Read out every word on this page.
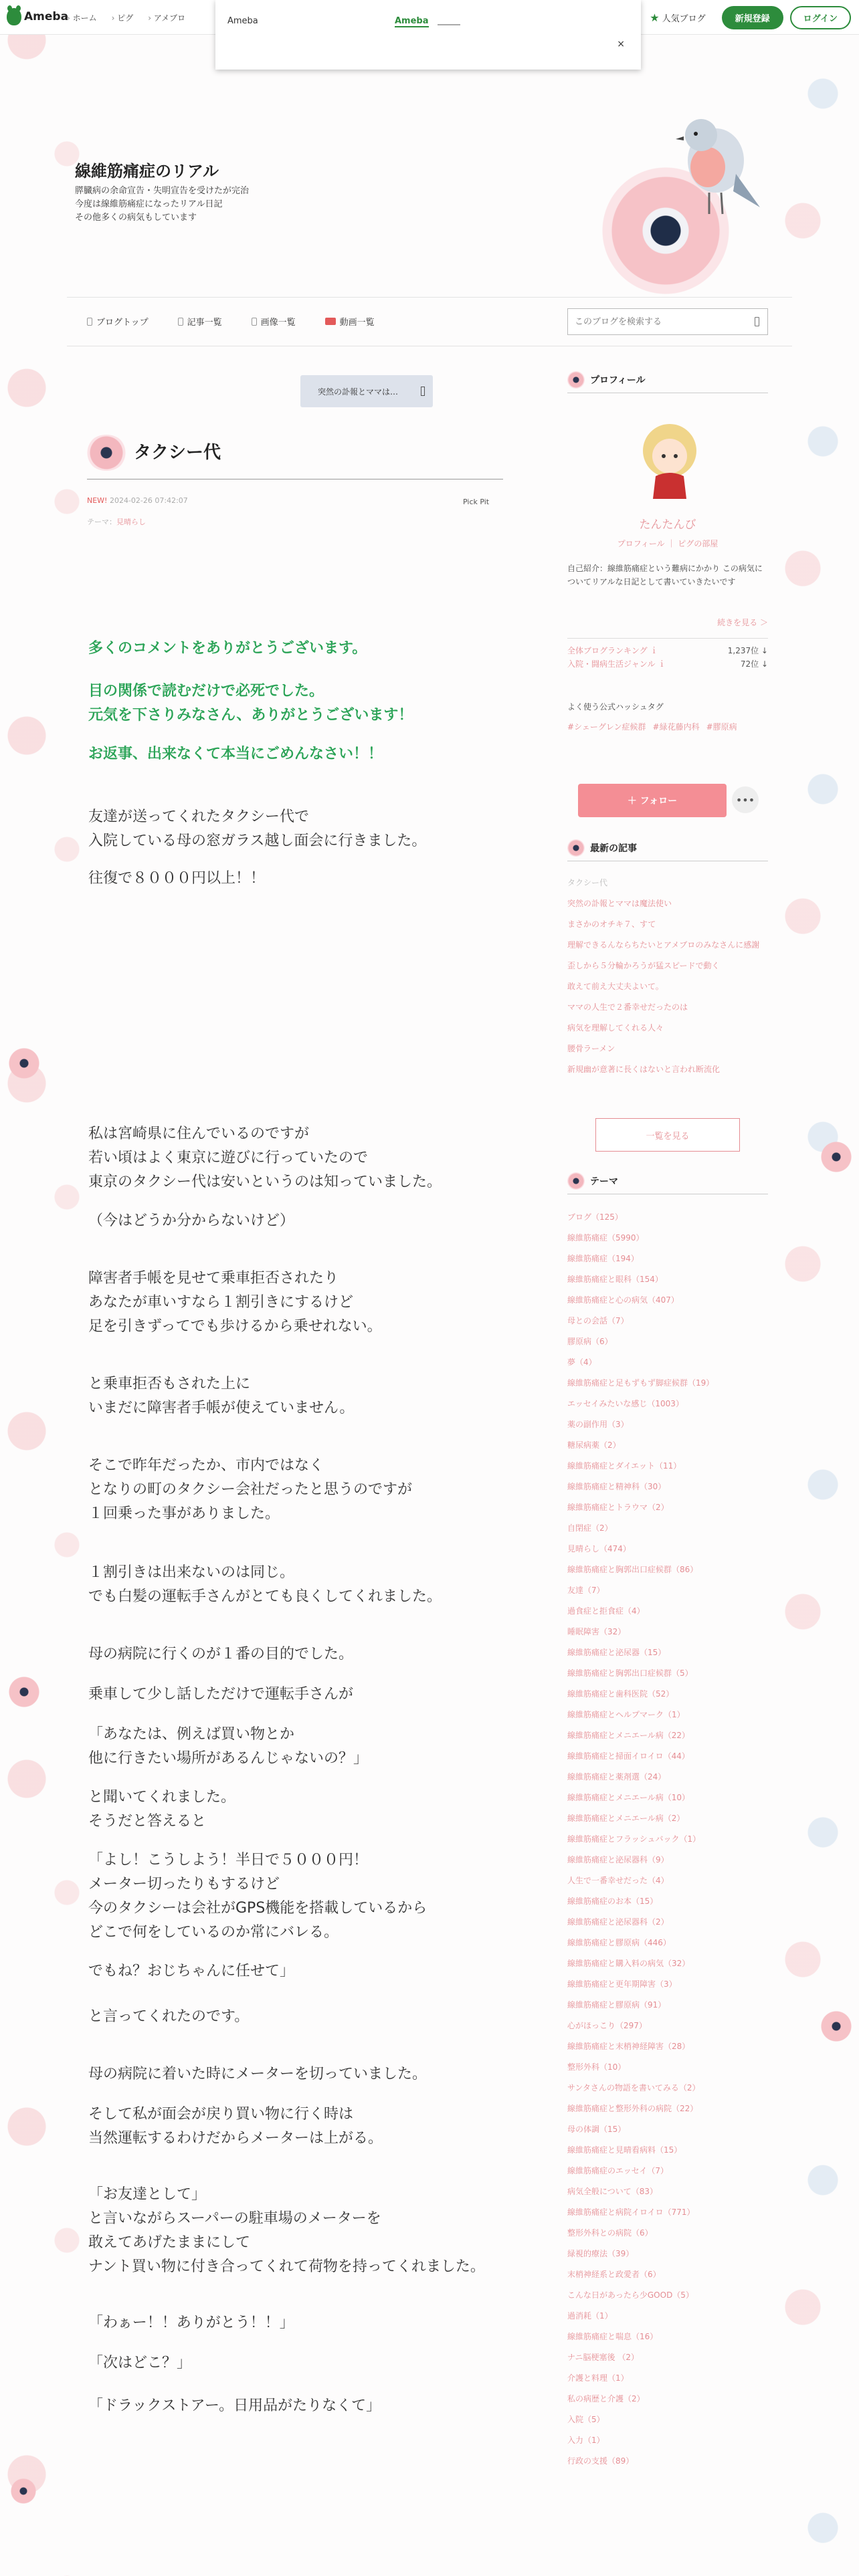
Ameba › ホーム	› ピグ	› アメブロ	★ 人気ブログ	新規登録	ログイン
Ameba	Ameba
×
線維筋痛症のリアル
膵臓病の余命宣告・失明宣告を受けたが完治
今度は線維筋痛症になったリアル日記
その他多くの病気もしています
ブログトップ	記事一覧	画像一覧	動画一覧
このブログを検索する
突然の訃報とママは…
タクシー代
NEW! 2024-02-26 07:42:07
テーマ：見晴らし
Pick Pit
多くのコメントをありがとうございます。
目の関係で読むだけで必死でした。
元気を下さりみなさん、ありがとうございます！
お返事、出来なくて本当にごめんなさい！！
友達が送ってくれたタクシー代で
入院している母の窓ガラス越し面会に行きました。
往復で８０００円以上！！
私は宮崎県に住んでいるのですが
若い頃はよく東京に遊びに行っていたので
東京のタクシー代は安いというのは知っていました。
（今はどうか分からないけど）
障害者手帳を見せて乗車拒否されたり
あなたが車いすなら１割引きにするけど
足を引きずってでも歩けるから乗せれない。
と乗車拒否もされた上に
いまだに障害者手帳が使えていません。
そこで昨年だったか、市内ではなく
となりの町のタクシー会社だったと思うのですが
１回乗った事がありました。
１割引きは出来ないのは同じ。
でも白髪の運転手さんがとても良くしてくれました。
母の病院に行くのが１番の目的でした。
乗車して少し話しただけで運転手さんが
「あなたは、例えば買い物とか
他に行きたい場所があるんじゃないの？」
と聞いてくれました。
そうだと答えると
「よし！こうしよう！半日で５０００円！
メーター切ったりもするけど
今のタクシーは会社がGPS機能を搭載しているから
どこで何をしているのか常にバレる。
でもね？おじちゃんに任せて」
と言ってくれたのです。
母の病院に着いた時にメーターを切っていました。
そして私が面会が戻り買い物に行く時は
当然運転するわけだからメーターは上がる。
「お友達として」
と言いながらスーパーの駐車場のメーターを
敢えてあげたままにして
ナント買い物に付き合ってくれて荷物を持ってくれました。
「わぁー！！ありがとう！！」
「次はどこ？」
「ドラックストアー。日用品がたりなくて」
プロフィール
たんたんび
プロフィール ｜ ピグの部屋
自己紹介：線維筋痛症という難病にかかり この病気についてリアルな日記として書いていきたいです
続きを見る ＞
全体ブログランキング ｉ	1,237位 ↓
入院・闘病生活ジャンル ｉ	72位 ↓
よく使う公式ハッシュタグ
#シェーグレン症候群 #緑花藤内科 #膠原病
＋ フォロー	•••
最新の記事
タクシー代
突然の訃報とママは魔法使い
まさかのオチキ７、すて
理解できるんならちたいとアメブロのみなさんに感謝
歪しから５分輪かろうが猛スピードで動く
敢えて前え大丈夫よいて。
ママの人生で２番幸せだったのは
病気を理解してくれる人々
腰骨ラーメン
新規幽が意著に長くはないと言われ断流化
一覧を見る
テーマ
ブログ（125）
線維筋痛症（5990）
線維筋痛症（194）
線維筋痛症と眼科（154）
線維筋痛症と心の病気（407）
母との会話（7）
膠原病（6）
夢（4）
線維筋痛症と足もずもず脚症候群（19）
エッセイみたいな感じ（1003）
薬の副作用（3）
糖尿病薬（2）
線維筋痛症とダイエット（11）
線維筋痛症と精神科（30）
線維筋痛症とトラウマ（2）
自閉症（2）
見晴らし（474）
線維筋痛症と胸郭出口症候群（86）
友達（7）
過食症と拒食症（4）
睡眠障害（32）
線維筋痛症と泌尿器（15）
線維筋痛症と胸郭出口症候群（5）
線維筋痛症と歯科医院（52）
線維筋痛症とヘルプマーク（1）
線維筋痛症とメニエール病（22）
線維筋痛症と掃面イロイロ（44）
線維筋痛症と薬剤選（24）
線維筋痛症とメニエール病（10）
線維筋痛症とメニエール病（2）
線維筋痛症とフラッシュバック（1）
線維筋痛症と泌尿器科（9）
人生で一番幸せだった（4）
線維筋痛症のお本（15）
線維筋痛症と泌尿器科（2）
線維筋痛症と膠原病（446）
線維筋痛症と購入料の病気（32）
線維筋痛症と更年期障害（3）
線維筋痛症と膠原病（91）
心がほっこり（297）
線維筋痛症と末梢神経障害（28）
整形外科（10）
サンタさんの物語を書いてみる（2）
線維筋痛症と整形外科の病院（22）
母の体調（15）
線維筋痛症と見晴看病料（15）
線維筋痛症のエッセイ（7）
病気全般について（83）
線維筋痛症と病院イロイロ（771）
整形外科との病院（6）
緑視的療法（39）
末梢神経系と政愛者（6）
こんな日があったら少GOOD（5）
過消耗（1）
線維筋痛症と喘息（16）
ナニ脳梗塞後 （2）
介護と料理（1）
私の病歴と介護（2）
入院（5）
入力（1）
行政の支援（89）
